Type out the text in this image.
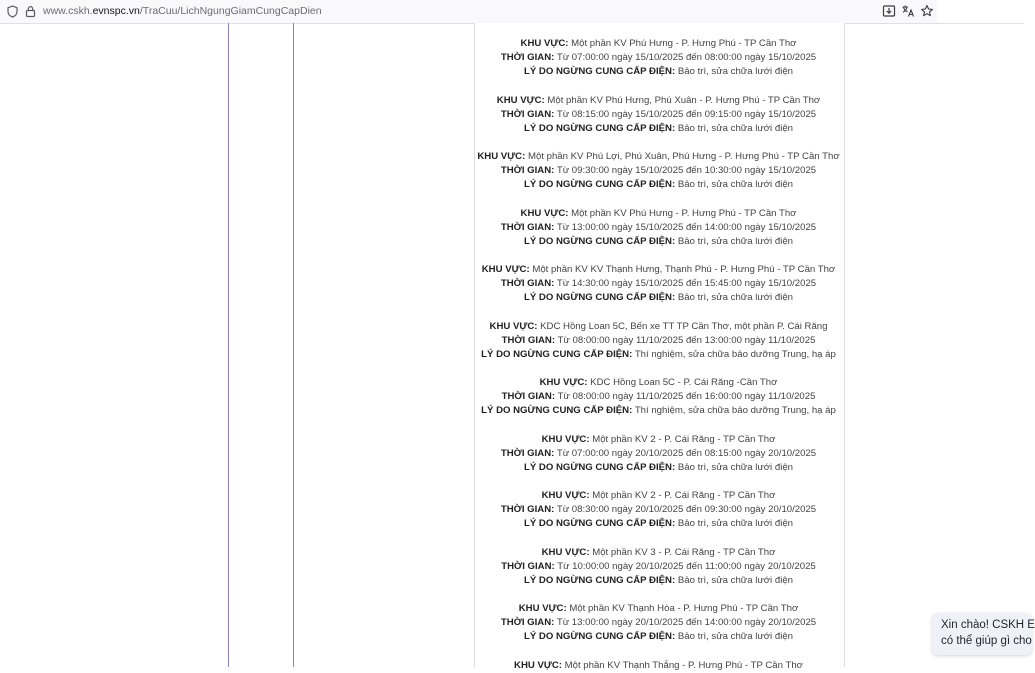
www.cskh.evnspc.vn/TraCuu/LichNgungGiamCungCapDien
KHU VỰC: Một phần KV Phú Hưng - P. Hưng Phú - TP Cần Thơ
THỜI GIAN: Từ 07:00:00 ngày 15/10/2025 đến 08:00:00 ngày 15/10/2025
LÝ DO NGỪNG CUNG CẤP ĐIỆN: Bảo trì, sửa chữa lưới điện
KHU VỰC: Một phần KV Phú Hưng, Phú Xuân - P. Hưng Phú - TP Cần Thơ
THỜI GIAN: Từ 08:15:00 ngày 15/10/2025 đến 09:15:00 ngày 15/10/2025
LÝ DO NGỪNG CUNG CẤP ĐIỆN: Bảo trì, sửa chữa lưới điện
KHU VỰC: Một phần KV Phú Lợi, Phú Xuân, Phú Hưng - P. Hưng Phú - TP Cần Thơ
THỜI GIAN: Từ 09:30:00 ngày 15/10/2025 đến 10:30:00 ngày 15/10/2025
LÝ DO NGỪNG CUNG CẤP ĐIỆN: Bảo trì, sửa chữa lưới điện
KHU VỰC: Một phần KV Phú Hưng - P. Hưng Phú - TP Cần Thơ
THỜI GIAN: Từ 13:00:00 ngày 15/10/2025 đến 14:00:00 ngày 15/10/2025
LÝ DO NGỪNG CUNG CẤP ĐIỆN: Bảo trì, sửa chữa lưới điện
KHU VỰC: Một phần KV KV Thạnh Hưng, Thạnh Phú - P. Hưng Phú - TP Cần Thơ
THỜI GIAN: Từ 14:30:00 ngày 15/10/2025 đến 15:45:00 ngày 15/10/2025
LÝ DO NGỪNG CUNG CẤP ĐIỆN: Bảo trì, sửa chữa lưới điện
KHU VỰC: KDC Hồng Loan 5C, Bến xe TT TP Cần Thơ, một phần P. Cái Răng
THỜI GIAN: Từ 08:00:00 ngày 11/10/2025 đến 13:00:00 ngày 11/10/2025
LÝ DO NGỪNG CUNG CẤP ĐIỆN: Thí nghiệm, sửa chữa bảo dưỡng Trung, hạ áp
KHU VỰC: KDC Hồng Loan 5C - P. Cái Răng -Cần Thơ
THỜI GIAN: Từ 08:00:00 ngày 11/10/2025 đến 16:00:00 ngày 11/10/2025
LÝ DO NGỪNG CUNG CẤP ĐIỆN: Thí nghiệm, sửa chữa bảo dưỡng Trung, hạ áp
KHU VỰC: Một phần KV 2 - P. Cái Răng - TP Cần Thơ
THỜI GIAN: Từ 07:00:00 ngày 20/10/2025 đến 08:15:00 ngày 20/10/2025
LÝ DO NGỪNG CUNG CẤP ĐIỆN: Bảo trì, sửa chữa lưới điện
KHU VỰC: Một phần KV 2 - P. Cái Răng - TP Cần Thơ
THỜI GIAN: Từ 08:30:00 ngày 20/10/2025 đến 09:30:00 ngày 20/10/2025
LÝ DO NGỪNG CUNG CẤP ĐIỆN: Bảo trì, sửa chữa lưới điện
KHU VỰC: Một phần KV 3 - P. Cái Răng - TP Cần Thơ
THỜI GIAN: Từ 10:00:00 ngày 20/10/2025 đến 11:00:00 ngày 20/10/2025
LÝ DO NGỪNG CUNG CẤP ĐIỆN: Bảo trì, sửa chữa lưới điện
KHU VỰC: Một phần KV Thạnh Hòa - P. Hưng Phú - TP Cần Thơ
THỜI GIAN: Từ 13:00:00 ngày 20/10/2025 đến 14:00:00 ngày 20/10/2025
LÝ DO NGỪNG CUNG CẤP ĐIỆN: Bảo trì, sửa chữa lưới điện
KHU VỰC: Một phần KV Thạnh Thắng - P. Hưng Phú - TP Cần Thơ
Xin chào! CSKH E
có thể giúp gì cho
